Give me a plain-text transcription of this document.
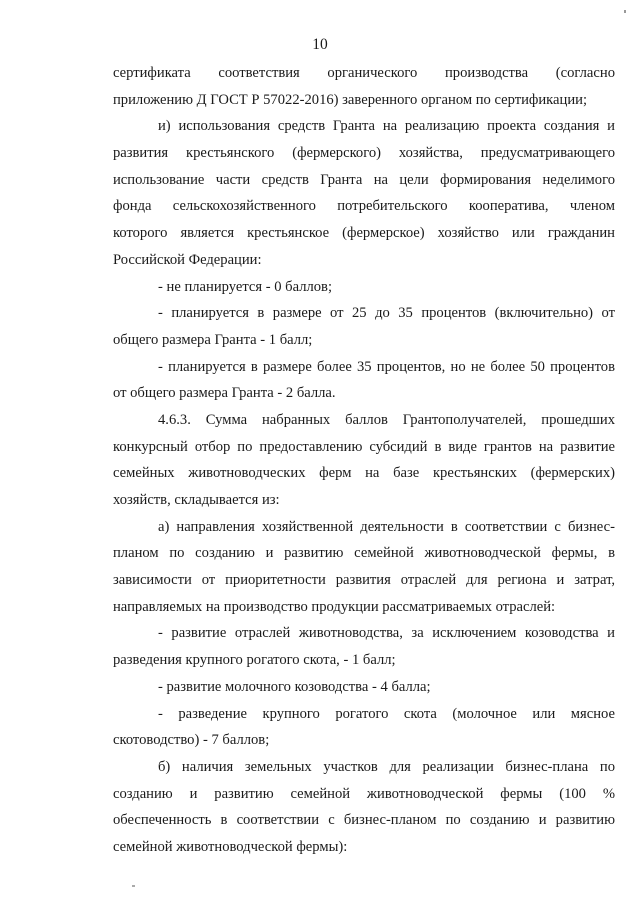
10
сертификата соответствия органического производства (согласно
приложению Д ГОСТ Р 57022-2016) заверенного органом по сертификации;
и) использования средств Гранта на реализацию проекта создания и
развития крестьянского (фермерского) хозяйства, предусматривающего
использование части средств Гранта на цели формирования неделимого
фонда сельскохозяйственного потребительского кооператива, членом
которого является крестьянское (фермерское) хозяйство или гражданин
Российской Федерации:
- не планируется - 0 баллов;
- планируется в размере от 25 до 35 процентов (включительно) от
общего размера Гранта - 1 балл;
- планируется в размере более 35 процентов, но не более 50 процентов
от общего размера Гранта - 2 балла.
4.6.3. Сумма набранных баллов Грантополучателей, прошедших
конкурсный отбор по предоставлению субсидий в виде грантов на развитие
семейных животноводческих ферм на базе крестьянских (фермерских)
хозяйств, складывается из:
а) направления хозяйственной деятельности в соответствии с бизнес-
планом по созданию и развитию семейной животноводческой фермы, в
зависимости от приоритетности развития отраслей для региона и затрат,
направляемых на производство продукции рассматриваемых отраслей:
- развитие отраслей животноводства, за исключением козоводства и
разведения крупного рогатого скота, - 1 балл;
- развитие молочного козоводства - 4 балла;
- разведение крупного рогатого скота (молочное или мясное
скотоводство) - 7 баллов;
б) наличия земельных участков для реализации бизнес-плана по
созданию и развитию семейной животноводческой фермы (100 %
обеспеченность в соответствии с бизнес-планом по созданию и развитию
семейной животноводческой фермы):
